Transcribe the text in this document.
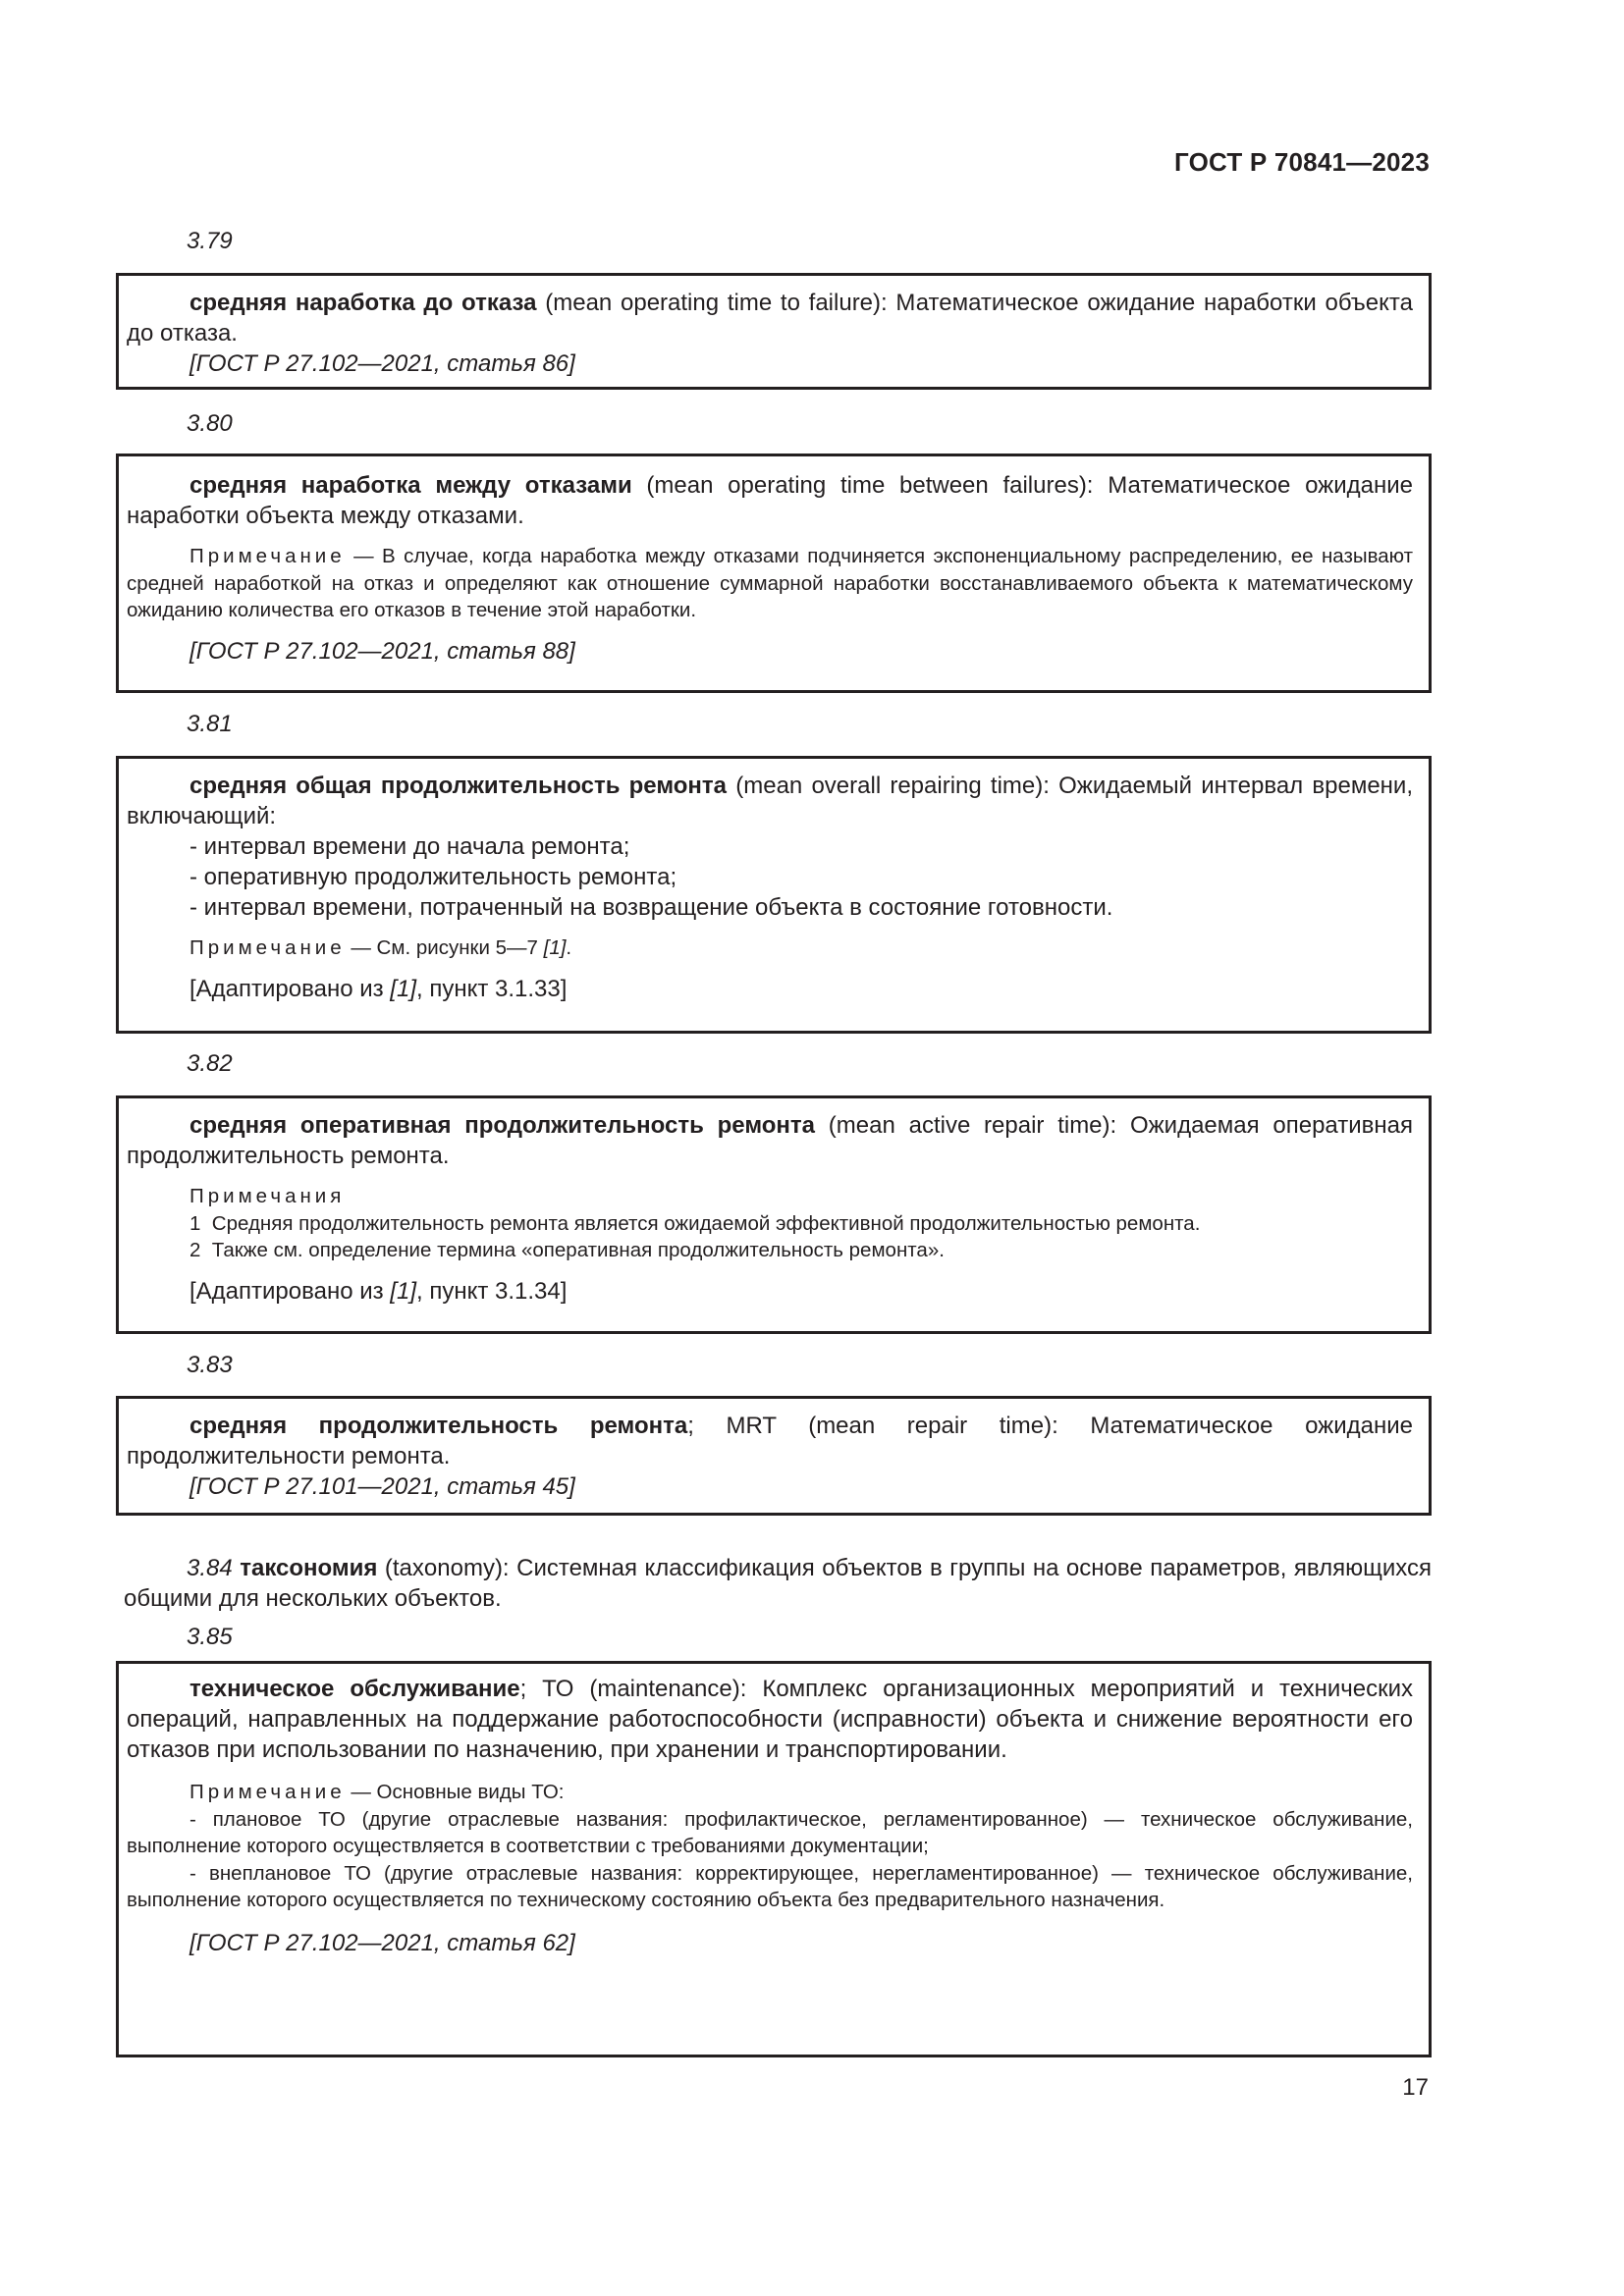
ГОСТ Р 70841—2023
3.79

средняя наработка до отказа (mean operating time to failure): Математическое ожидание наработки объекта до отказа.

[ГОСТ Р 27.102—2021, статья 86]

3.80

средняя наработка между отказами (mean operating time between failures): Математическое ожидание наработки объекта между отказами.

Примечание — В случае, когда наработка между отказами подчиняется экспоненциальному распределению, ее называют средней наработкой на отказ и определяют как отношение суммарной наработки восстанавливаемого объекта к математическому ожиданию количества его отказов в течение этой наработки.

[ГОСТ Р 27.102—2021, статья 88]

3.81

средняя общая продолжительность ремонта (mean overall repairing time): Ожидаемый интервал времени, включающий:

- интервал времени до начала ремонта;

- оперативную продолжительность ремонта;

- интервал времени, потраченный на возвращение объекта в состояние готовности.

Примечание — См. рисунки 5—7 [1].

[Адаптировано из [1], пункт 3.1.33]

3.82

средняя оперативная продолжительность ремонта (mean active repair time): Ожидаемая оперативная продолжительность ремонта.

Примечания

1  Средняя продолжительность ремонта является ожидаемой эффективной продолжительностью ремонта.

2  Также см. определение термина «оперативная продолжительность ремонта».

[Адаптировано из [1], пункт 3.1.34]

3.83

средняя продолжительность ремонта; MRT (mean repair time): Математическое ожидание продолжительности ремонта.

[ГОСТ Р 27.101—2021, статья 45]

3.84 таксономия (taxonomy): Системная классификация объектов в группы на основе параметров, являющихся общими для нескольких объектов.

3.85

техническое обслуживание; ТО (maintenance): Комплекс организационных мероприятий и технических операций, направленных на поддержание работоспособности (исправности) объекта и снижение вероятности его отказов при использовании по назначению, при хранении и транспортировании.

Примечание — Основные виды ТО:

- плановое ТО (другие отраслевые названия: профилактическое, регламентированное) — техническое обслуживание, выполнение которого осуществляется в соответствии с требованиями документации;

- внеплановое ТО (другие отраслевые названия: корректирующее, нерегламентированное) — техническое обслуживание, выполнение которого осуществляется по техническому состоянию объекта без предварительного назначения.

[ГОСТ Р 27.102—2021, статья 62]

17
